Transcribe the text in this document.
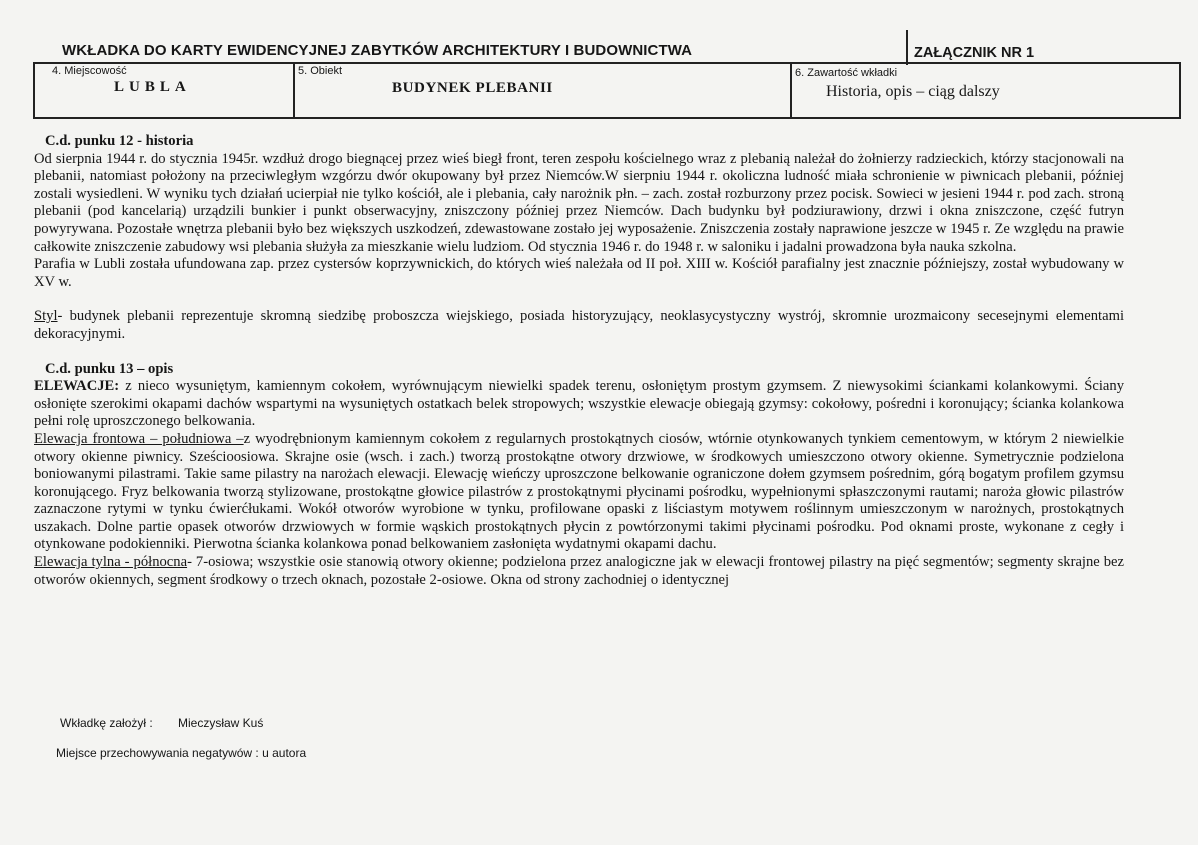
WKŁADKA DO KARTY EWIDENCYJNEJ ZABYTKÓW ARCHITEKTURY I BUDOWNICTWA	ZAŁĄCZNIK NR 1
4. Miejscowość
LUBLA
5. Obiekt
BUDYNEK PLEBANII
6. Zawartość wkładki
Historia, opis – ciąg dalszy

C.d. punku 12 - historia

Od sierpnia 1944 r. do stycznia 1945r. wzdłuż drogo biegnącej przez wieś biegł front, teren zespołu kościelnego wraz z plebanią należał do żołnierzy radzieckich, którzy stacjonowali na plebanii, natomiast położony na przeciwległym wzgórzu dwór okupowany był przez Niemców.W sierpniu 1944 r. okoliczna ludność miała schronienie w piwnicach plebanii, później zostali wysiedleni. W wyniku tych działań ucierpiał nie tylko kościół, ale i plebania, cały narożnik płn. – zach. został rozburzony przez pocisk. Sowieci w jesieni 1944 r. pod zach. stroną plebanii (pod kancelarią) urządzili bunkier i punkt obserwacyjny, zniszczony później przez Niemców. Dach budynku był podziurawiony, drzwi i okna zniszczone, część futryn powyrywana. Pozostałe wnętrza plebanii było bez większych uszkodzeń, zdewastowane zostało jej wyposażenie. Zniszczenia zostały naprawione jeszcze w 1945 r. Ze względu na prawie całkowite zniszczenie zabudowy wsi plebania służyła za mieszkanie wielu ludziom. Od stycznia 1946 r. do 1948 r. w saloniku i jadalni prowadzona była nauka szkolna.

Parafia w Lubli została ufundowana zap. przez cystersów koprzywnickich, do których wieś należała od II poł. XIII w. Kościół parafialny jest znacznie późniejszy, został wybudowany w XV w.

Styl- budynek plebanii reprezentuje skromną siedzibę proboszcza wiejskiego, posiada historyzujący, neoklasycystyczny wystrój, skromnie urozmaicony secesejnymi elementami dekoracyjnymi.

C.d. punku 13 – opis

ELEWACJE: z nieco wysuniętym, kamiennym cokołem, wyrównującym niewielki spadek terenu, osłoniętym prostym gzymsem. Z niewysokimi ściankami kolankowymi. Ściany osłonięte szerokimi okapami dachów wspartymi na wysuniętych ostatkach belek stropowych; wszystkie elewacje obiegają gzymsy: cokołowy, pośredni i koronujący; ścianka kolankowa pełni rolę uproszczonego belkowania.

Elewacja frontowa – południowa –z wyodrębnionym kamiennym cokołem z regularnych prostokątnych ciosów, wtórnie otynkowanych tynkiem cementowym, w którym 2 niewielkie otwory okienne piwnicy. Sześcioosiowa. Skrajne osie (wsch. i zach.) tworzą prostokątne otwory drzwiowe, w środkowych umieszczono otwory okienne. Symetrycznie podzielona boniowanymi pilastrami. Takie same pilastry na narożach elewacji. Elewację wieńczy uproszczone belkowanie ograniczone dołem gzymsem pośrednim, górą bogatym profilem gzymsu koronującego. Fryz belkowania tworzą stylizowane, prostokątne głowice pilastrów z prostokątnymi płycinami pośrodku, wypełnionymi spłaszczonymi rautami; naroża głowic pilastrów zaznaczone rytymi w tynku ćwierćłukami. Wokół otworów wyrobione w tynku, profilowane opaski z liściastym motywem roślinnym umieszczonym w narożnych, prostokątnych uszakach. Dolne partie opasek otworów drzwiowych w formie wąskich prostokątnych płycin z powtórzonymi takimi płycinami pośrodku. Pod oknami proste, wykonane z cegły i otynkowane podokienniki. Pierwotna ścianka kolankowa ponad belkowaniem zasłonięta wydatnymi okapami dachu.

Elewacja tylna - północna- 7-osiowa; wszystkie osie stanowią otwory okienne; podzielona przez analogiczne jak w elewacji frontowej pilastry na pięć segmentów; segmenty skrajne bez otworów okiennych, segment środkowy o trzech oknach, pozostałe 2-osiowe. Okna od strony zachodniej o identycznej

Wkładkę założył : Mieczysław Kuś
Miejsce przechowywania negatywów : u autora
